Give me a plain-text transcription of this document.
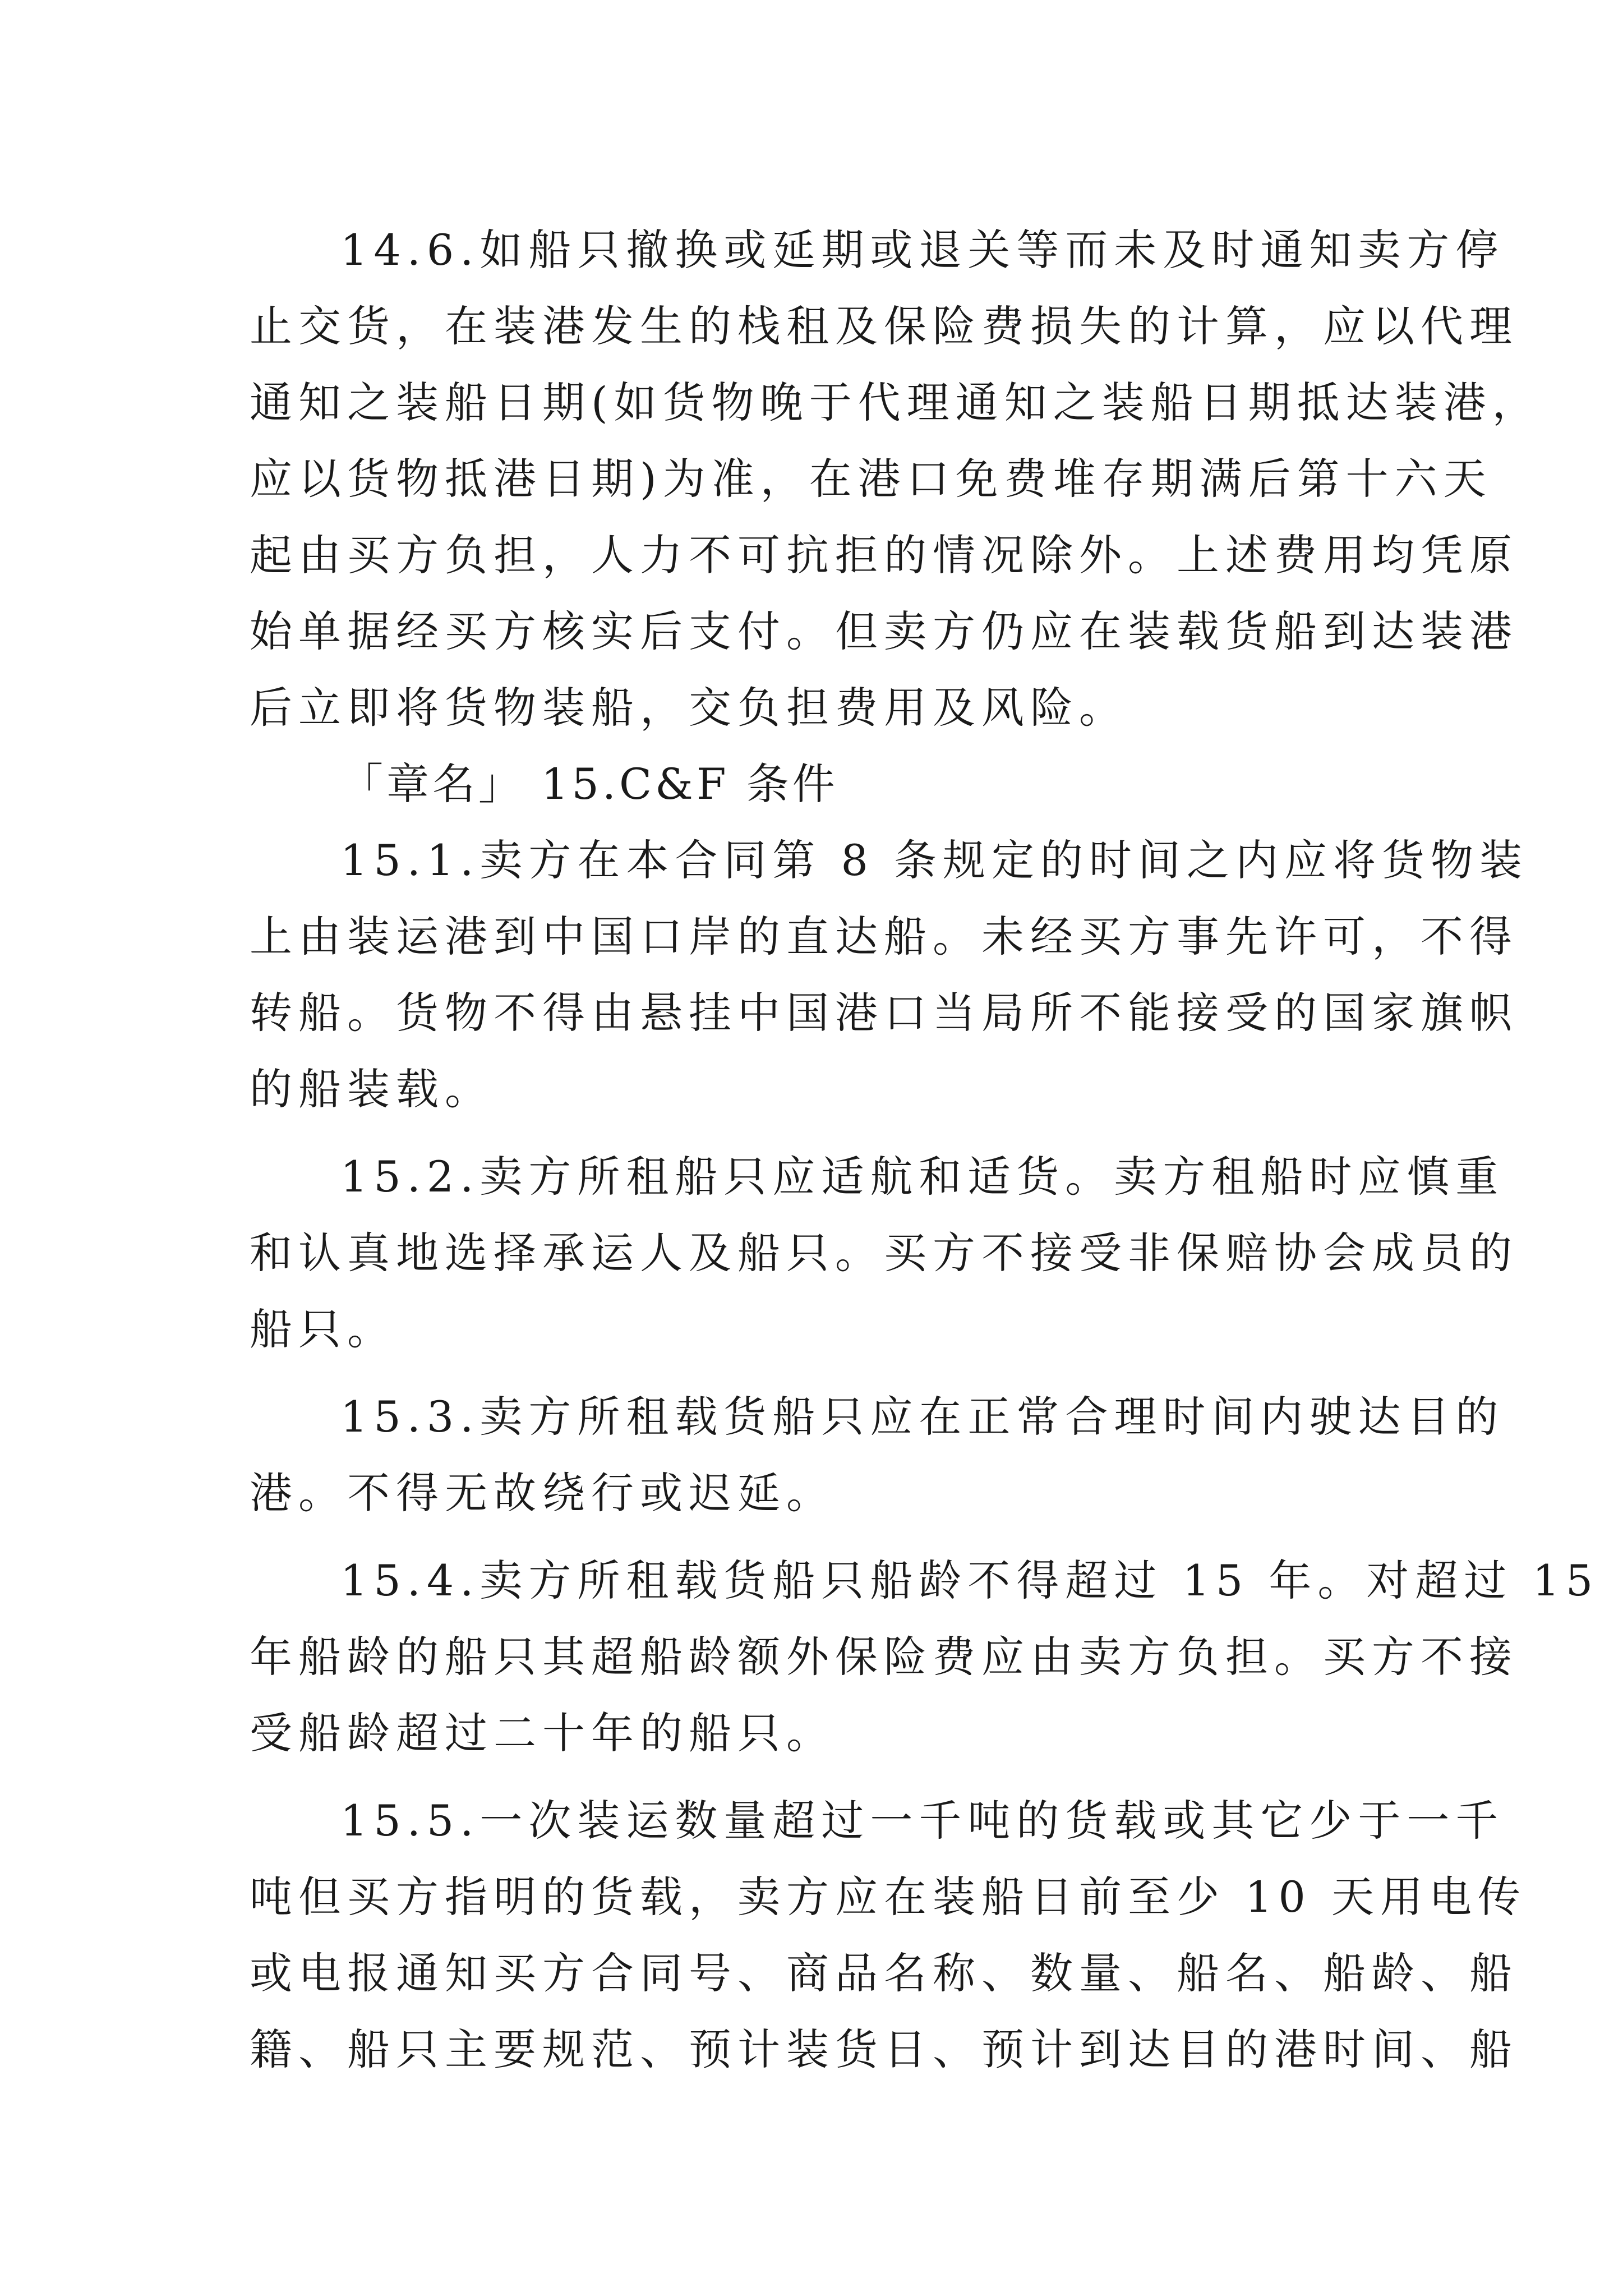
14.6.如船只撤换或延期或退关等而未及时通知卖方停
止交货，在装港发生的栈租及保险费损失的计算，应以代理
通知之装船日期(如货物晚于代理通知之装船日期抵达装港，
应以货物抵港日期)为准，在港口免费堆存期满后第十六天
起由买方负担，人力不可抗拒的情况除外。上述费用均凭原
始单据经买方核实后支付。但卖方仍应在装载货船到达装港
后立即将货物装船，交负担费用及风险。
「章名」 15.C&F 条件
15.1.卖方在本合同第 8 条规定的时间之内应将货物装
上由装运港到中国口岸的直达船。未经买方事先许可，不得
转船。货物不得由悬挂中国港口当局所不能接受的国家旗帜
的船装载。
15.2.卖方所租船只应适航和适货。卖方租船时应慎重
和认真地选择承运人及船只。买方不接受非保赔协会成员的
船只。
15.3.卖方所租载货船只应在正常合理时间内驶达目的
港。不得无故绕行或迟延。
15.4.卖方所租载货船只船龄不得超过 15 年。对超过 15
年船龄的船只其超船龄额外保险费应由卖方负担。买方不接
受船龄超过二十年的船只。
15.5.一次装运数量超过一千吨的货载或其它少于一千
吨但买方指明的货载，卖方应在装船日前至少 10 天用电传
或电报通知买方合同号、商品名称、数量、船名、船龄、船
籍、船只主要规范、预计装货日、预计到达目的港时间、船
